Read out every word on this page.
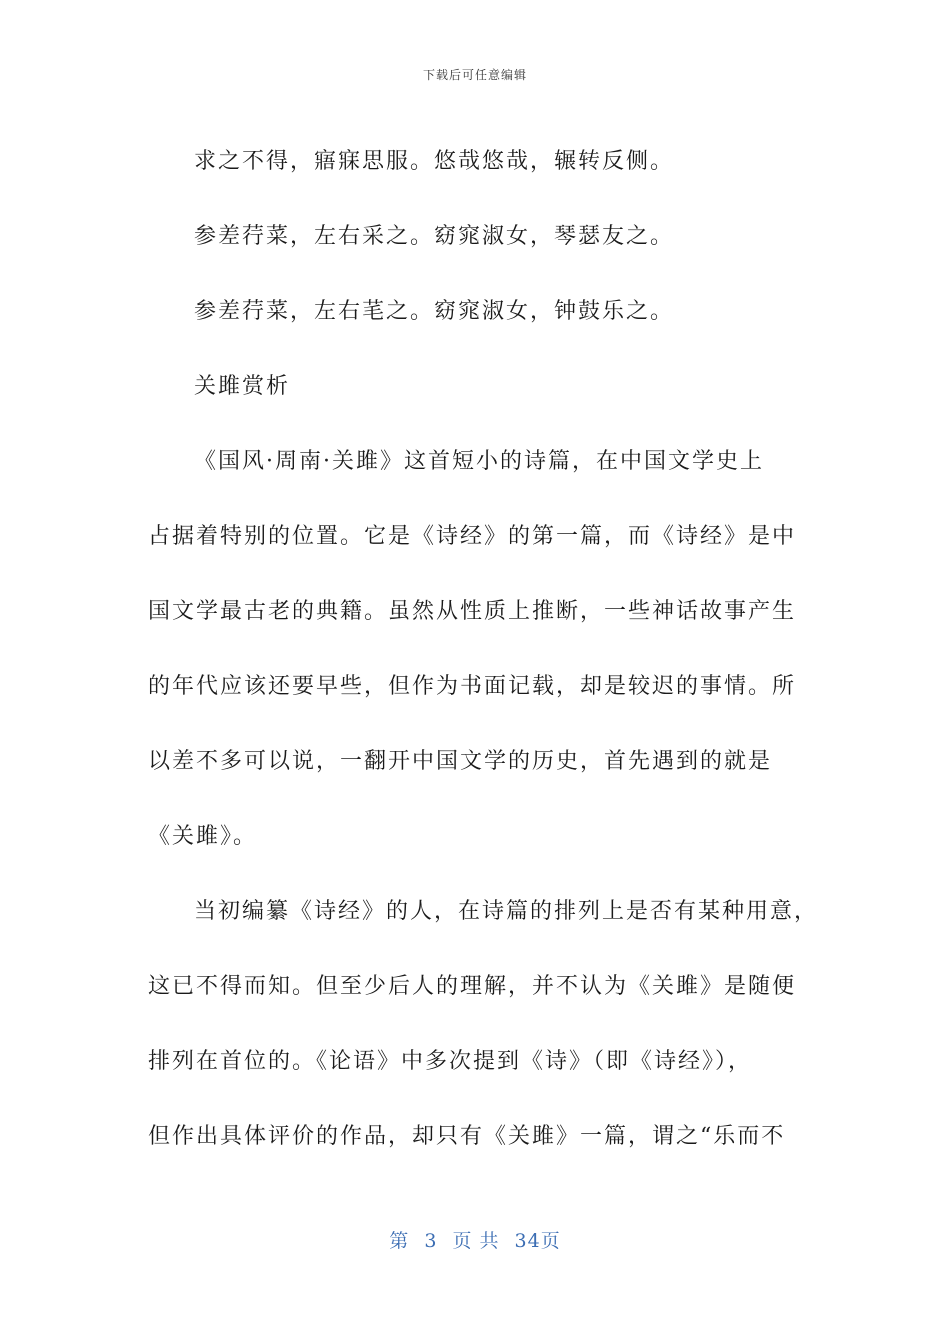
下载后可任意编辑
求之不得，寤寐思服。悠哉悠哉，辗转反侧。
参差荇菜，左右采之。窈窕淑女，琴瑟友之。
参差荇菜，左右芼之。窈窕淑女，钟鼓乐之。
关雎赏析
《国风·周南·关雎》这首短小的诗篇，在中国文学史上
占据着特别的位置。它是《诗经》的第一篇，而《诗经》是中
国文学最古老的典籍。虽然从性质上推断，一些神话故事产生
的年代应该还要早些，但作为书面记载，却是较迟的事情。所
以差不多可以说，一翻开中国文学的历史，首先遇到的就是
《关雎》。
当初编纂《诗经》的人，在诗篇的排列上是否有某种用意，
这已不得而知。但至少后人的理解，并不认为《关雎》是随便
排列在首位的。《论语》中多次提到《诗》（即《诗经》），
但作出具体评价的作品，却只有《关雎》一篇，谓之“乐而不
第 3 页 共 34页
